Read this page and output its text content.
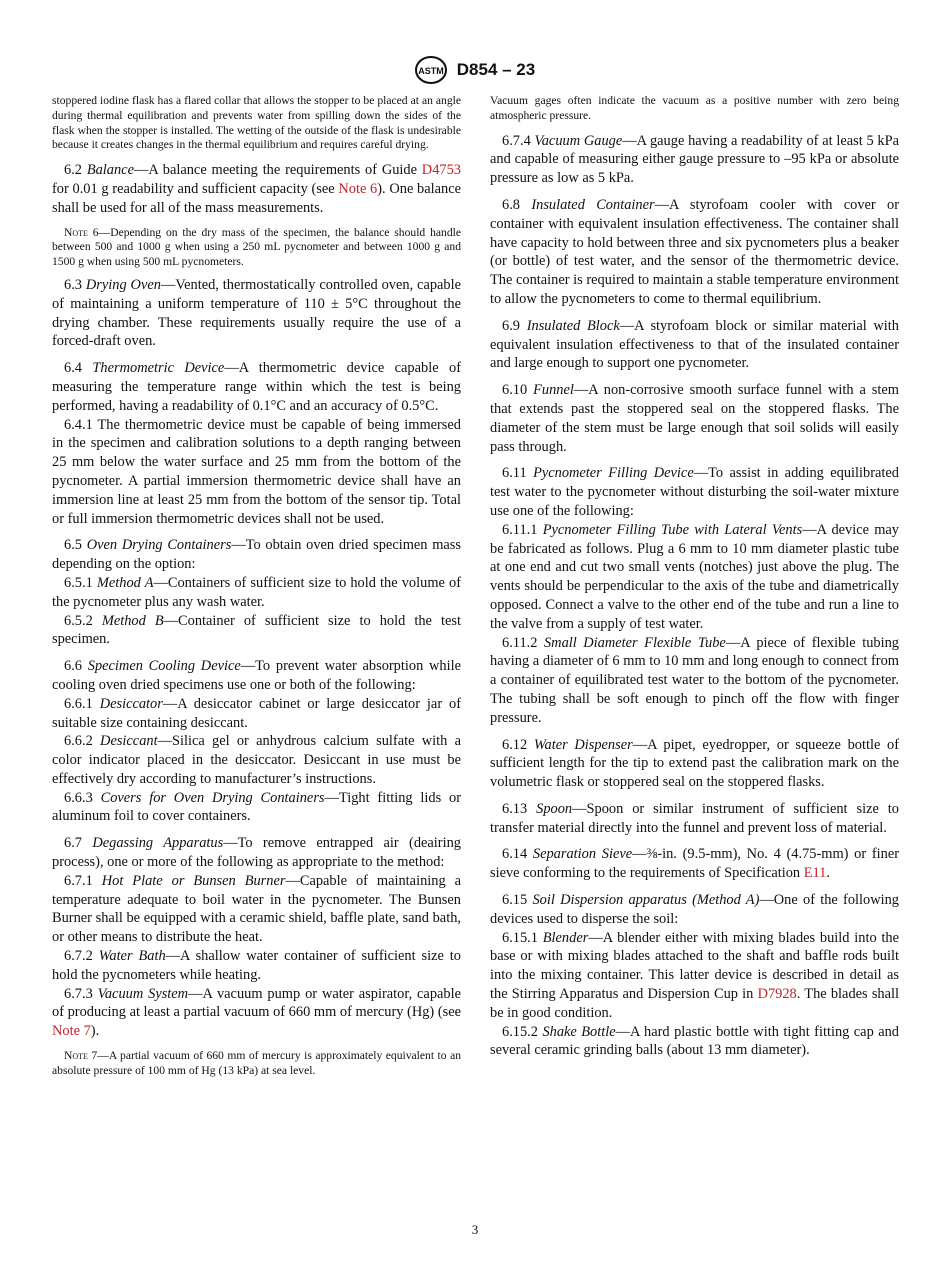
ASTM D854 – 23

stoppered iodine flask has a flared collar that allows the stopper to be placed at an angle during thermal equilibration and prevents water from spilling down the sides of the flask when the stopper is installed. The wetting of the outside of the flask is undesirable because it creates changes in the thermal equilibrium and requires careful drying.

6.2 Balance—A balance meeting the requirements of Guide D4753 for 0.01 g readability and sufficient capacity (see Note 6). One balance shall be used for all of the mass measurements.

Note 6—Depending on the dry mass of the specimen, the balance should handle between 500 and 1000 g when using a 250 mL pycnometer and between 1000 g and 1500 g when using 500 mL pycnometers.

6.3 Drying Oven—Vented, thermostatically controlled oven, capable of maintaining a uniform temperature of 110 ± 5°C throughout the drying chamber. These requirements usually require the use of a forced-draft oven.

6.4 Thermometric Device—A thermometric device capable of measuring the temperature range within which the test is being performed, having a readability of 0.1°C and an accuracy of 0.5°C.

6.4.1 The thermometric device must be capable of being immersed in the specimen and calibration solutions to a depth ranging between 25 mm below the water surface and 25 mm from the bottom of the pycnometer. A partial immersion thermometric device shall have an immersion line at least 25 mm from the bottom of the sensor tip. Total or full immersion thermometric devices shall not be used.

6.5 Oven Drying Containers—To obtain oven dried specimen mass depending on the option:

6.5.1 Method A—Containers of sufficient size to hold the volume of the pycnometer plus any wash water.

6.5.2 Method B—Container of sufficient size to hold the test specimen.

6.6 Specimen Cooling Device—To prevent water absorption while cooling oven dried specimens use one or both of the following:

6.6.1 Desiccator—A desiccator cabinet or large desiccator jar of suitable size containing desiccant.

6.6.2 Desiccant—Silica gel or anhydrous calcium sulfate with a color indicator placed in the desiccator. Desiccant in use must be effectively dry according to manufacturer’s instructions.

6.6.3 Covers for Oven Drying Containers—Tight fitting lids or aluminum foil to cover containers.

6.7 Degassing Apparatus—To remove entrapped air (deairing process), one or more of the following as appropriate to the method:

6.7.1 Hot Plate or Bunsen Burner—Capable of maintaining a temperature adequate to boil water in the pycnometer. The Bunsen Burner shall be equipped with a ceramic shield, baffle plate, sand bath, or other means to distribute the heat.

6.7.2 Water Bath—A shallow water container of sufficient size to hold the pycnometers while heating.

6.7.3 Vacuum System—A vacuum pump or water aspirator, capable of producing at least a partial vacuum of 660 mm of mercury (Hg) (see Note 7).

Note 7—A partial vacuum of 660 mm of mercury is approximately equivalent to an absolute pressure of 100 mm of Hg (13 kPa) at sea level.

Vacuum gages often indicate the vacuum as a positive number with zero being atmospheric pressure.

6.7.4 Vacuum Gauge—A gauge having a readability of at least 5 kPa and capable of measuring either gauge pressure to –95 kPa or absolute pressure as low as 5 kPa.

6.8 Insulated Container—A styrofoam cooler with cover or container with equivalent insulation effectiveness. The container shall have capacity to hold between three and six pycnometers plus a beaker (or bottle) of test water, and the sensor of the thermometric device. The container is required to maintain a stable temperature environment to allow the pycnometers to come to thermal equilibrium.

6.9 Insulated Block—A styrofoam block or similar material with equivalent insulation effectiveness to that of the insulated container and large enough to support one pycnometer.

6.10 Funnel—A non-corrosive smooth surface funnel with a stem that extends past the stoppered seal on the stoppered flasks. The diameter of the stem must be large enough that soil solids will easily pass through.

6.11 Pycnometer Filling Device—To assist in adding equilibrated test water to the pycnometer without disturbing the soil-water mixture use one of the following:

6.11.1 Pycnometer Filling Tube with Lateral Vents—A device may be fabricated as follows. Plug a 6 mm to 10 mm diameter plastic tube at one end and cut two small vents (notches) just above the plug. The vents should be perpendicular to the axis of the tube and diametrically opposed. Connect a valve to the other end of the tube and run a line to the valve from a supply of test water.

6.11.2 Small Diameter Flexible Tube—A piece of flexible tubing having a diameter of 6 mm to 10 mm and long enough to connect from a container of equilibrated test water to the bottom of the pycnometer. The tubing shall be soft enough to pinch off the flow with finger pressure.

6.12 Water Dispenser—A pipet, eyedropper, or squeeze bottle of sufficient length for the tip to extend past the calibration mark on the volumetric flask or stoppered seal on the stoppered flasks.

6.13 Spoon—Spoon or similar instrument of sufficient size to transfer material directly into the funnel and prevent loss of material.

6.14 Separation Sieve—⅜-in. (9.5-mm), No. 4 (4.75-mm) or finer sieve conforming to the requirements of Specification E11.

6.15 Soil Dispersion apparatus (Method A)—One of the following devices used to disperse the soil:

6.15.1 Blender—A blender either with mixing blades build into the base or with mixing blades attached to the shaft and baffle rods built into the mixing container. This latter device is described in detail as the Stirring Apparatus and Dispersion Cup in D7928. The blades shall be in good condition.

6.15.2 Shake Bottle—A hard plastic bottle with tight fitting cap and several ceramic grinding balls (about 13 mm diameter).

3
